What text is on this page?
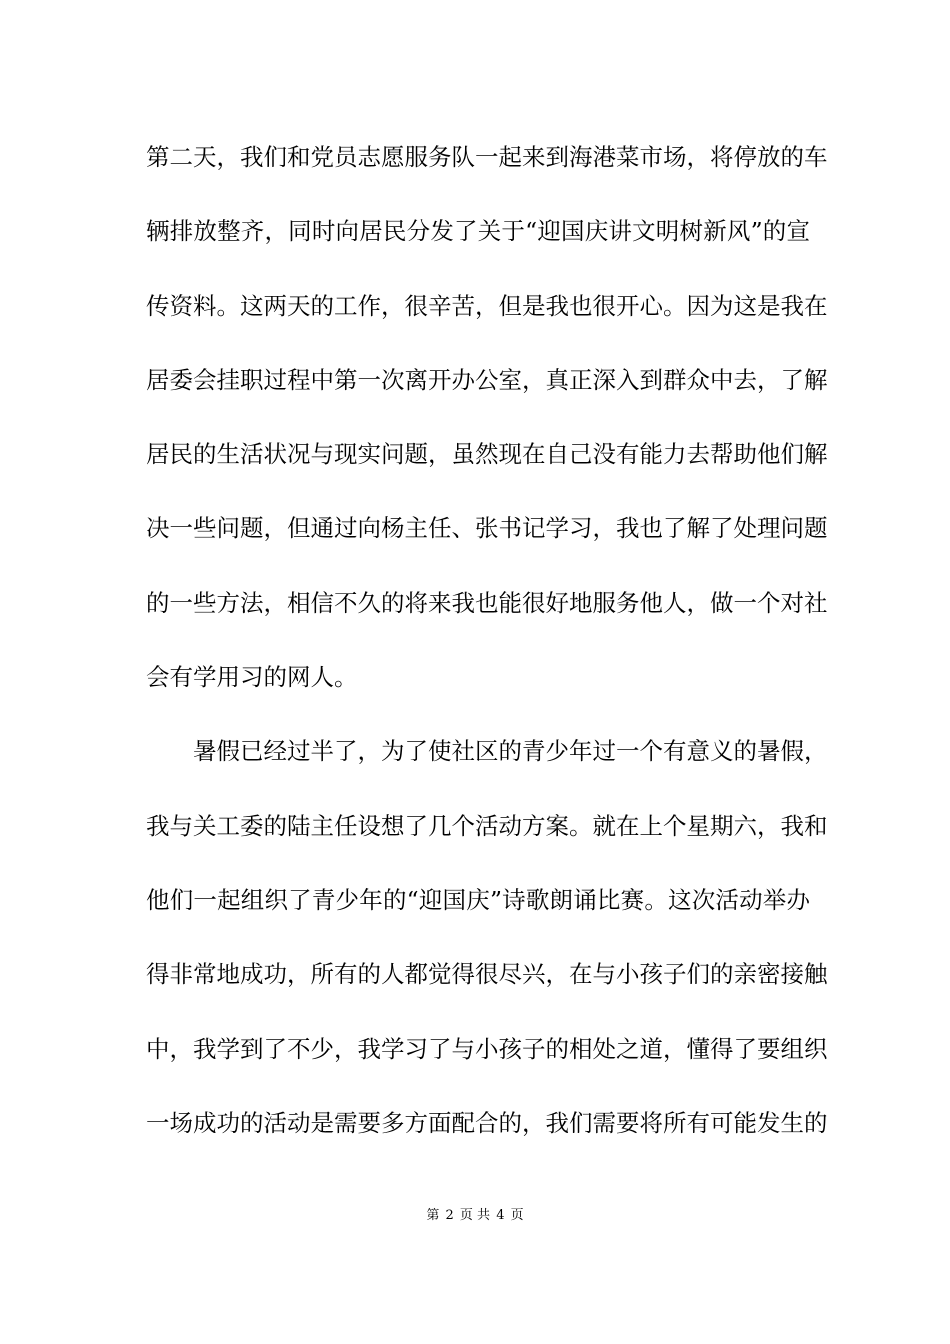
第二天，我们和党员志愿服务队一起来到海港菜市场，将停放的车
辆排放整齐，同时向居民分发了关于“迎国庆讲文明树新风”的宣
传资料。这两天的工作，很辛苦，但是我也很开心。因为这是我在
居委会挂职过程中第一次离开办公室，真正深入到群众中去，了解
居民的生活状况与现实问题，虽然现在自己没有能力去帮助他们解
决一些问题，但通过向杨主任、张书记学习，我也了解了处理问题
的一些方法，相信不久的将来我也能很好地服务他人，做一个对社
会有学用习的网人。
暑假已经过半了，为了使社区的青少年过一个有意义的暑假，
我与关工委的陆主任设想了几个活动方案。就在上个星期六，我和
他们一起组织了青少年的“迎国庆”诗歌朗诵比赛。这次活动举办
得非常地成功，所有的人都觉得很尽兴，在与小孩子们的亲密接触
中，我学到了不少，我学习了与小孩子的相处之道，懂得了要组织
一场成功的活动是需要多方面配合的，我们需要将所有可能发生的
第 2 页 共 4 页
